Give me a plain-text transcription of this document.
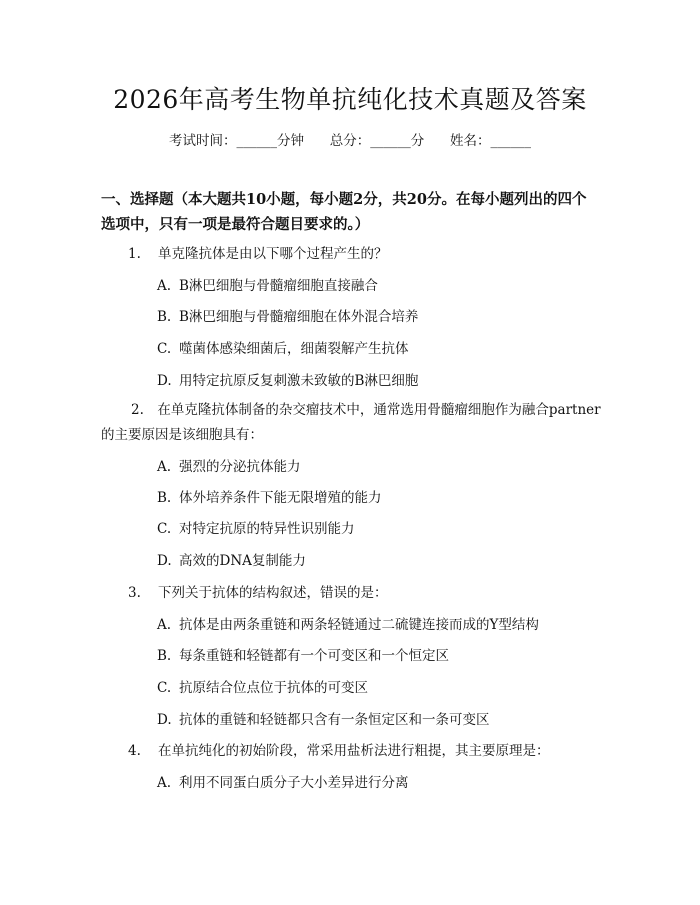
2026年高考生物单抗纯化技术真题及答案
考试时间：______分钟      总分：______分      姓名：______
一、选择题（本大题共10小题，每小题2分，共20分。在每小题列出的四个选项中，只有一项是最符合题目要求的。）
1. 单克隆抗体是由以下哪个过程产生的？
A. B淋巴细胞与骨髓瘤细胞直接融合
B. B淋巴细胞与骨髓瘤细胞在体外混合培养
C. 噬菌体感染细菌后，细菌裂解产生抗体
D. 用特定抗原反复刺激未致敏的B淋巴细胞
2.  在单克隆抗体制备的杂交瘤技术中，通常选用骨髓瘤细胞作为融合partner的主要原因是该细胞具有：
A. 强烈的分泌抗体能力
B. 体外培养条件下能无限增殖的能力
C. 对特定抗原的特异性识别能力
D. 高效的DNA复制能力
3. 下列关于抗体的结构叙述，错误的是：
A. 抗体是由两条重链和两条轻链通过二硫键连接而成的Y型结构
B. 每条重链和轻链都有一个可变区和一个恒定区
C. 抗原结合位点位于抗体的可变区
D. 抗体的重链和轻链都只含有一条恒定区和一条可变区
4. 在单抗纯化的初始阶段，常采用盐析法进行粗提，其主要原理是：
A. 利用不同蛋白质分子大小差异进行分离
